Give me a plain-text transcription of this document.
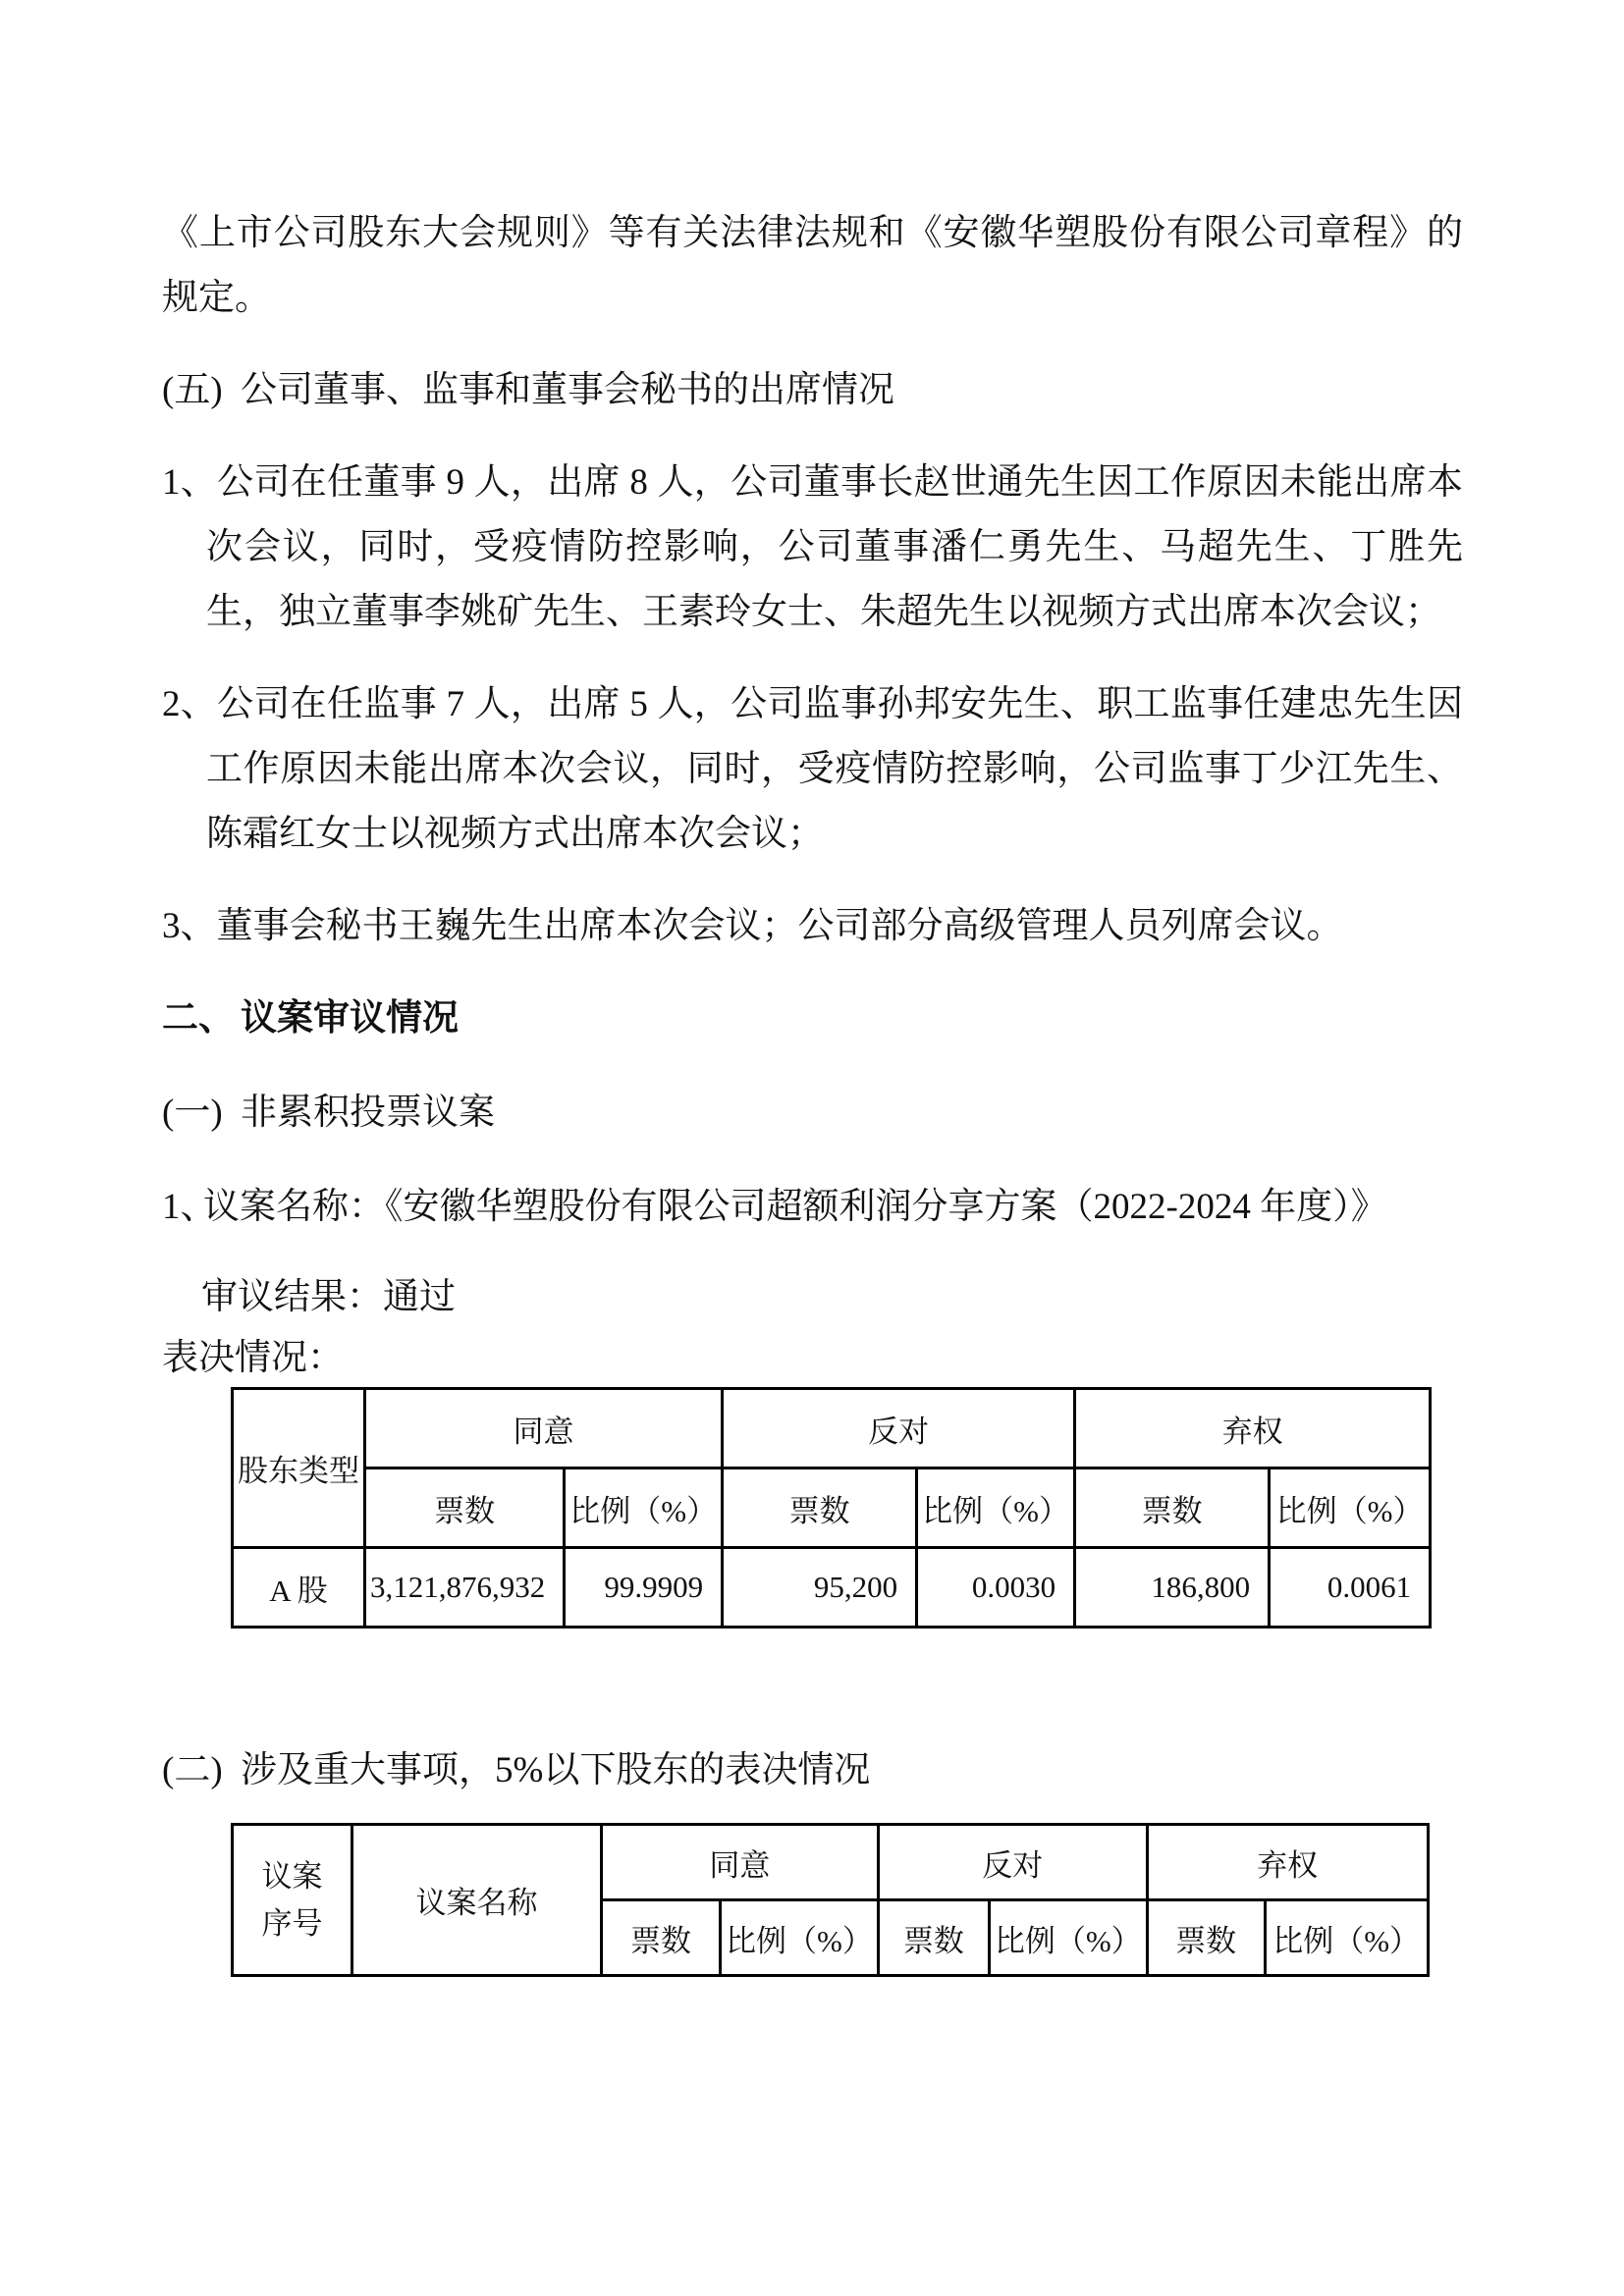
《上市公司股东大会规则》等有关法律法规和《安徽华塑股份有限公司章程》的规定。

(五) 公司董事、监事和董事会秘书的出席情况
1、公司在任董事 9 人，出席 8 人，公司董事长赵世通先生因工作原因未能出席本次会议，同时，受疫情防控影响，公司董事潘仁勇先生、马超先生、丁胜先生，独立董事李姚矿先生、王素玲女士、朱超先生以视频方式出席本次会议；
2、公司在任监事 7 人，出席 5 人，公司监事孙邦安先生、职工监事任建忠先生因工作原因未能出席本次会议，同时，受疫情防控影响，公司监事丁少江先生、陈霜红女士以视频方式出席本次会议；
3、董事会秘书王巍先生出席本次会议；公司部分高级管理人员列席会议。
二、 议案审议情况
(一) 非累积投票议案
1、议案名称：《安徽华塑股份有限公司超额利润分享方案（2022-2024 年度）》
审议结果：通过
表决情况：
股东类型	同意		反对		弃权	
	票数	比例（%）	票数	比例（%）	票数	比例（%）
A 股	3,121,876,932	99.9909	95,200	0.0030	186,800	0.0061
(二) 涉及重大事项，5%以下股东的表决情况
议案序号	议案名称	同意		反对		弃权	
		票数	比例（%）	票数	比例（%）	票数	比例（%）
